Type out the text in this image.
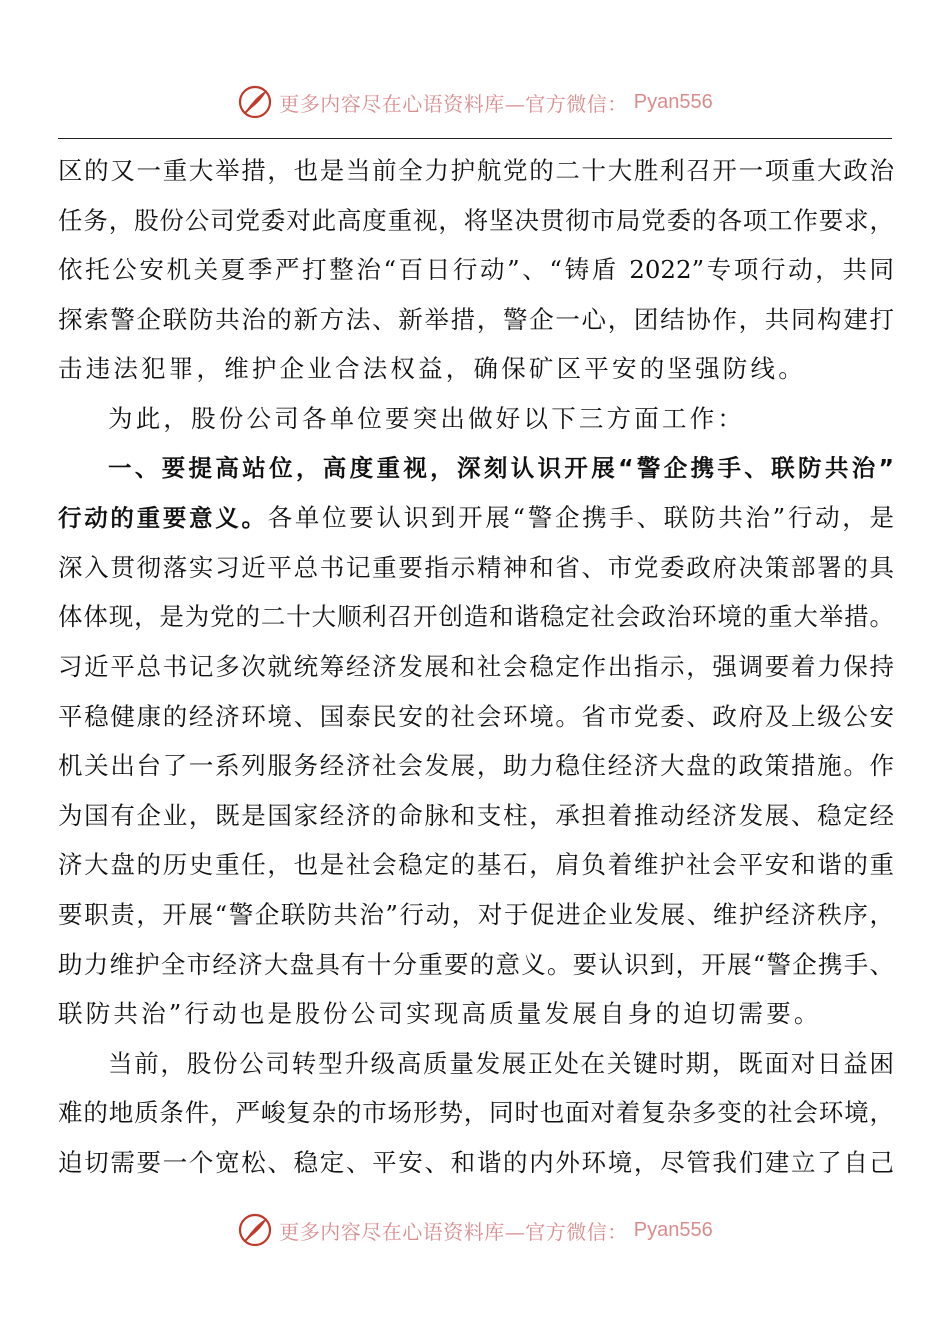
更多内容尽在心语资料库—官方微信： Pyan556
区的又一重大举措，也是当前全力护航党的二十大胜利召开一项重大政治
任务，股份公司党委对此高度重视，将坚决贯彻市局党委的各项工作要求，
依托公安机关夏季严打整治“百日行动”、“铸盾 2022”专项行动，共同
探索警企联防共治的新方法、新举措，警企一心，团结协作，共同构建打
击违法犯罪，维护企业合法权益，确保矿区平安的坚强防线。
为此，股份公司各单位要突出做好以下三方面工作：
一、要提高站位，高度重视，深刻认识开展“警企携手、联防共治”
行动的重要意义。各单位要认识到开展“警企携手、联防共治”行动，是
深入贯彻落实习近平总书记重要指示精神和省、市党委政府决策部署的具
体体现，是为党的二十大顺利召开创造和谐稳定社会政治环境的重大举措。
习近平总书记多次就统筹经济发展和社会稳定作出指示，强调要着力保持
平稳健康的经济环境、国泰民安的社会环境。省市党委、政府及上级公安
机关出台了一系列服务经济社会发展，助力稳住经济大盘的政策措施。作
为国有企业，既是国家经济的命脉和支柱，承担着推动经济发展、稳定经
济大盘的历史重任，也是社会稳定的基石，肩负着维护社会平安和谐的重
要职责，开展“警企联防共治”行动，对于促进企业发展、维护经济秩序，
助力维护全市经济大盘具有十分重要的意义。要认识到，开展“警企携手、
联防共治”行动也是股份公司实现高质量发展自身的迫切需要。
当前，股份公司转型升级高质量发展正处在关键时期，既面对日益困
难的地质条件，严峻复杂的市场形势，同时也面对着复杂多变的社会环境，
迫切需要一个宽松、稳定、平安、和谐的内外环境，尽管我们建立了自己
更多内容尽在心语资料库—官方微信： Pyan556
